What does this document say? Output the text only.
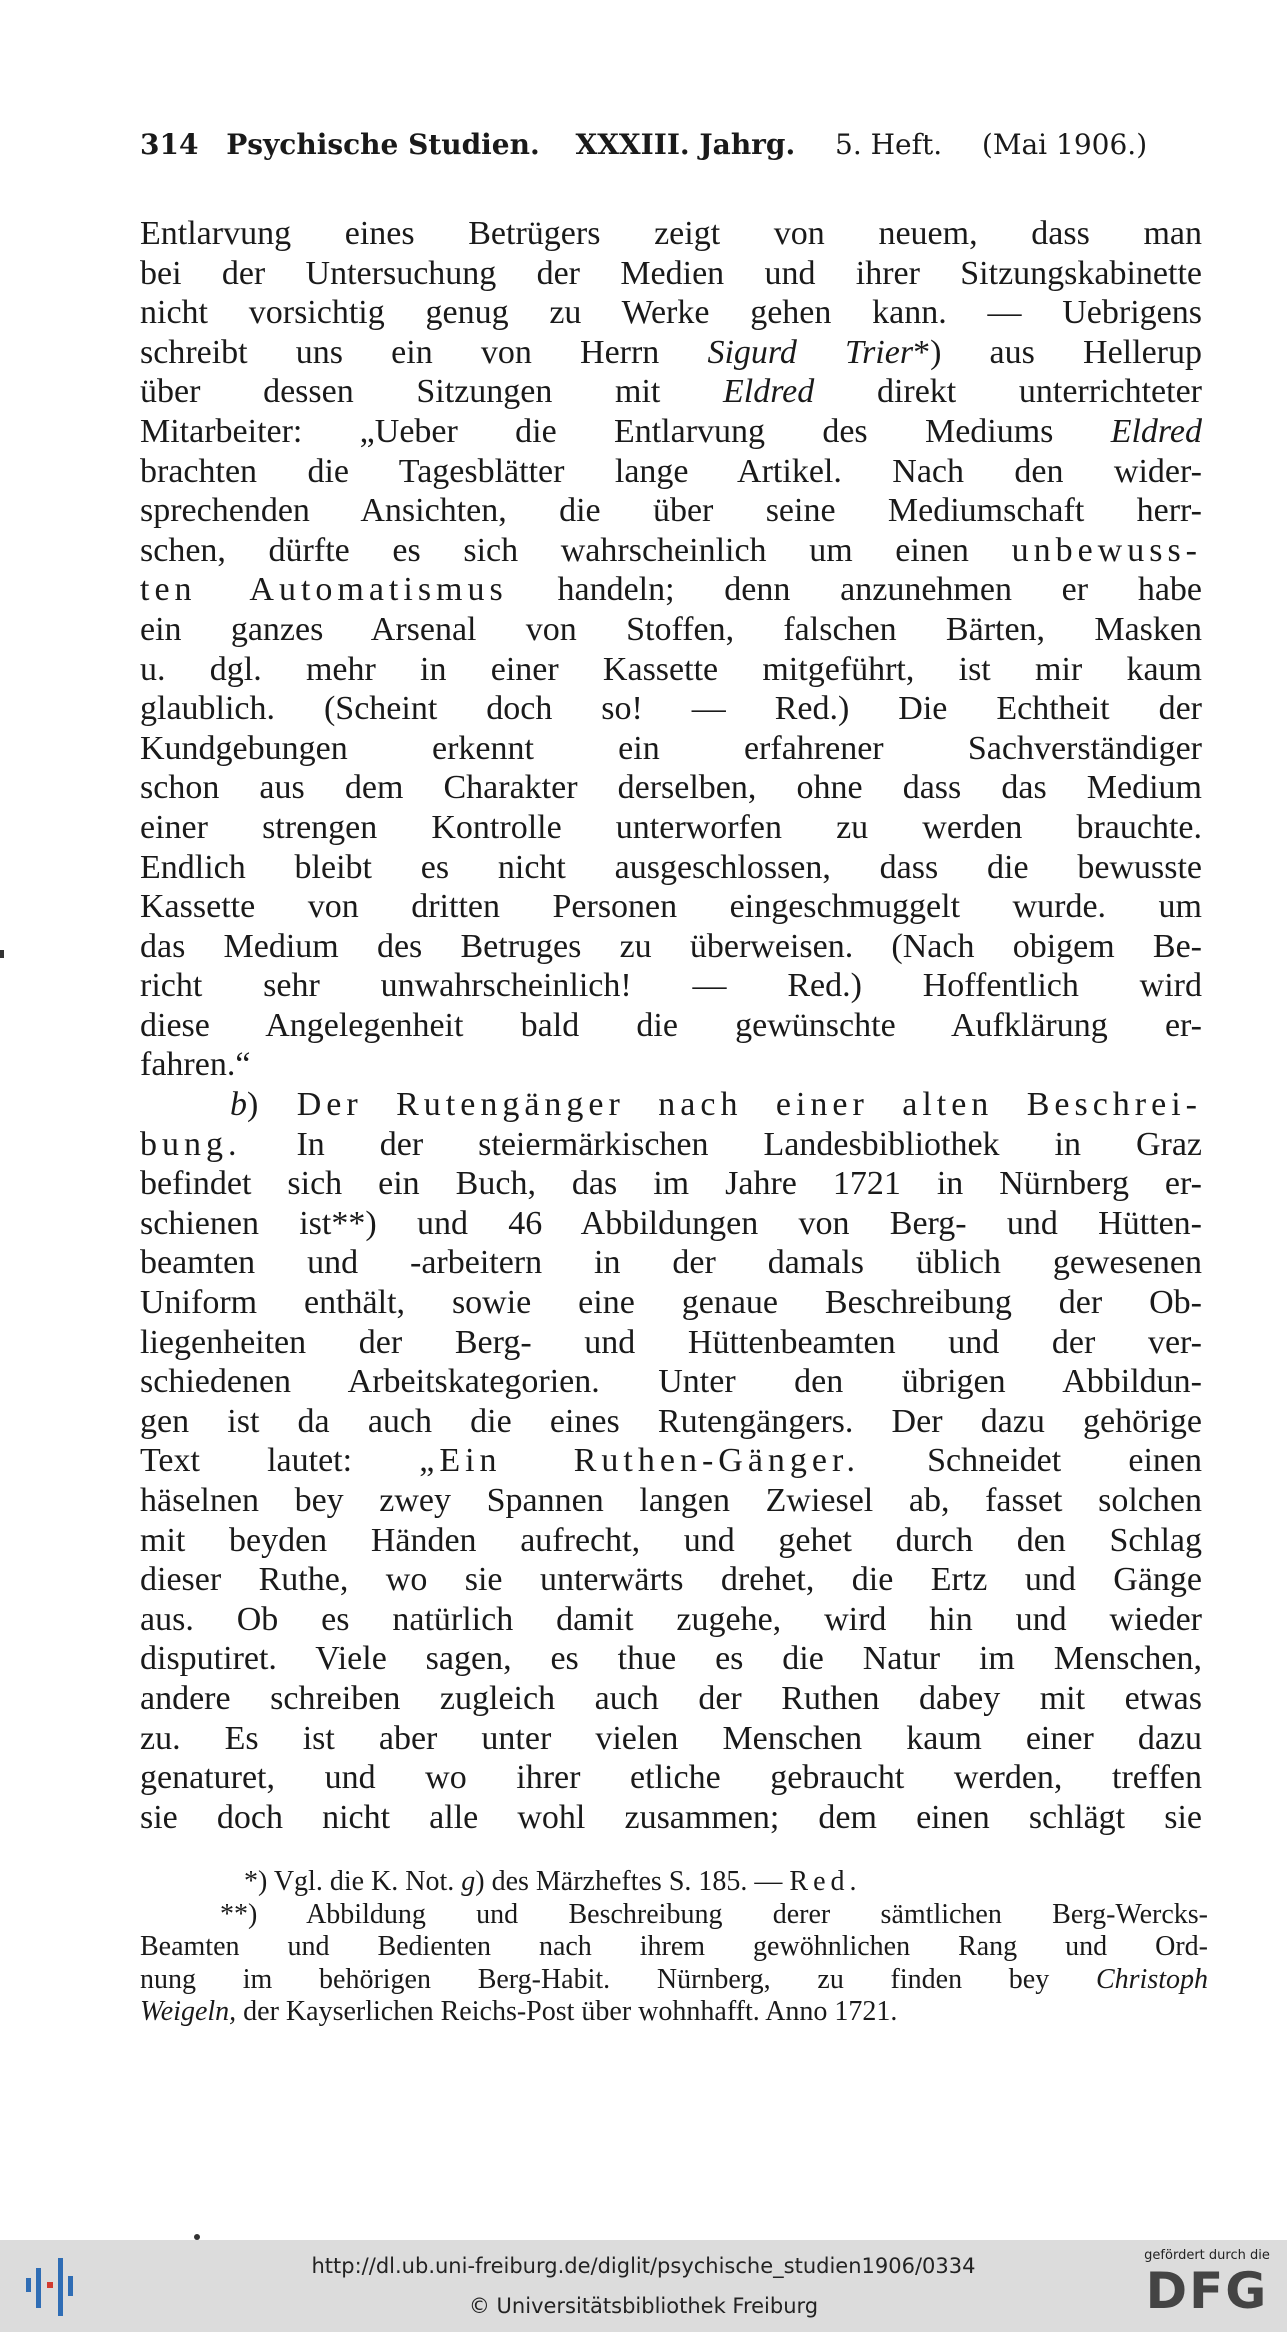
314 Psychische Studien. XXXIII. Jahrg. 5. Heft. (Mai 1906.)
Entlarvung eines Betrügers zeigt von neuem, dass man
bei der Untersuchung der Medien und ihrer Sitzungskabinette
nicht vorsichtig genug zu Werke gehen kann. — Uebrigens
schreibt uns ein von Herrn Sigurd Trier*) aus Hellerup
über dessen Sitzungen mit Eldred direkt unterrichteter
Mitarbeiter: „Ueber die Entlarvung des Mediums Eldred
brachten die Tagesblätter lange Artikel. Nach den wider-
sprechenden Ansichten, die über seine Mediumschaft herr-
schen, dürfte es sich wahrscheinlich um einen unbewuss-
ten Automatismus handeln; denn anzunehmen er habe
ein ganzes Arsenal von Stoffen, falschen Bärten, Masken
u. dgl. mehr in einer Kassette mitgeführt, ist mir kaum
glaublich. (Scheint doch so! — Red.) Die Echtheit der
Kundgebungen erkennt ein erfahrener Sachverständiger
schon aus dem Charakter derselben, ohne dass das Medium
einer strengen Kontrolle unterworfen zu werden brauchte.
Endlich bleibt es nicht ausgeschlossen, dass die bewusste
Kassette von dritten Personen eingeschmuggelt wurde. um
das Medium des Betruges zu überweisen. (Nach obigem Be-
richt sehr unwahrscheinlich! — Red.) Hoffentlich wird
diese Angelegenheit bald die gewünschte Aufklärung er-
fahren.“
b) Der Rutengänger nach einer alten Beschrei-
bung. In der steiermärkischen Landesbibliothek in Graz
befindet sich ein Buch, das im Jahre 1721 in Nürnberg er-
schienen ist**) und 46 Abbildungen von Berg- und Hütten-
beamten und -arbeitern in der damals üblich gewesenen
Uniform enthält, sowie eine genaue Beschreibung der Ob-
liegenheiten der Berg- und Hüttenbeamten und der ver-
schiedenen Arbeitskategorien. Unter den übrigen Abbildun-
gen ist da auch die eines Rutengängers. Der dazu gehörige
Text lautet: „Ein Ruthen-Gänger. Schneidet einen
häselnen bey zwey Spannen langen Zwiesel ab, fasset solchen
mit beyden Händen aufrecht, und gehet durch den Schlag
dieser Ruthe, wo sie unterwärts drehet, die Ertz und Gänge
aus. Ob es natürlich damit zugehe, wird hin und wieder
disputiret. Viele sagen, es thue es die Natur im Menschen,
andere schreiben zugleich auch der Ruthen dabey mit etwas
zu. Es ist aber unter vielen Menschen kaum einer dazu
genaturet, und wo ihrer etliche gebraucht werden, treffen
sie doch nicht alle wohl zusammen; dem einen schlägt sie
*) Vgl. die K. Not. g) des Märzheftes S. 185. — Red.
**) Abbildung und Beschreibung derer sämtlichen Berg-Wercks-
Beamten und Bedienten nach ihrem gewöhnlichen Rang und Ord-
nung im behörigen Berg-Habit. Nürnberg, zu finden bey Christoph
Weigeln, der Kayserlichen Reichs-Post über wohnhafft. Anno 1721.
http://dl.ub.uni-freiburg.de/diglit/psychische_studien1906/0334
© Universitätsbibliothek Freiburg
gefördert durch die
DFG
